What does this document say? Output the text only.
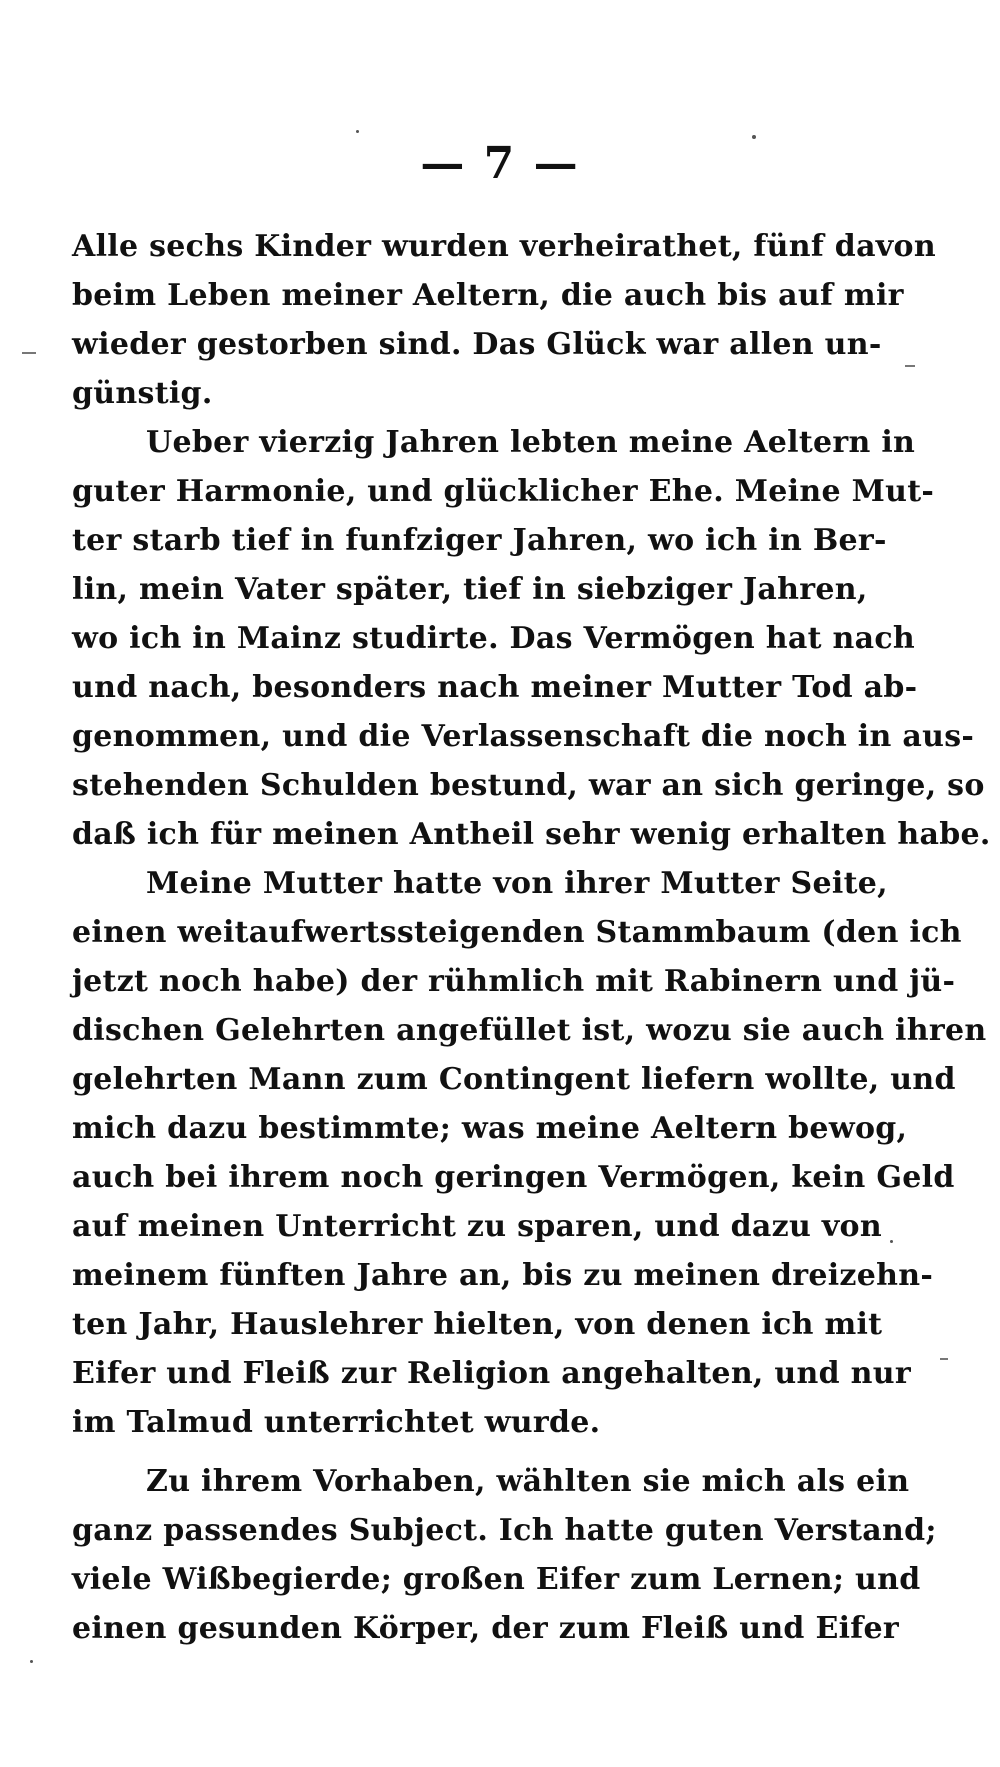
— 7 —
Alle sechs Kinder wurden verheirathet, fünf davon
beim Leben meiner Aeltern, die auch bis auf mir
wieder gestorben sind. Das Glück war allen un-
günstig.
Ueber vierzig Jahren lebten meine Aeltern in
guter Harmonie, und glücklicher Ehe. Meine Mut-
ter starb tief in funfziger Jahren, wo ich in Ber-
lin, mein Vater später, tief in siebziger Jahren,
wo ich in Mainz studirte. Das Vermögen hat nach
und nach, besonders nach meiner Mutter Tod ab-
genommen, und die Verlassenschaft die noch in aus-
stehenden Schulden bestund, war an sich geringe, so
daß ich für meinen Antheil sehr wenig erhalten habe.
Meine Mutter hatte von ihrer Mutter Seite,
einen weitaufwertssteigenden Stammbaum (den ich
jetzt noch habe) der rühmlich mit Rabinern und jü-
dischen Gelehrten angefüllet ist, wozu sie auch ihren
gelehrten Mann zum Contingent liefern wollte, und
mich dazu bestimmte; was meine Aeltern bewog,
auch bei ihrem noch geringen Vermögen, kein Geld
auf meinen Unterricht zu sparen, und dazu von
meinem fünften Jahre an, bis zu meinen dreizehn-
ten Jahr, Hauslehrer hielten, von denen ich mit
Eifer und Fleiß zur Religion angehalten, und nur
im Talmud unterrichtet wurde.
Zu ihrem Vorhaben, wählten sie mich als ein
ganz passendes Subject. Ich hatte guten Verstand;
viele Wißbegierde; großen Eifer zum Lernen; und
einen gesunden Körper, der zum Fleiß und Eifer
